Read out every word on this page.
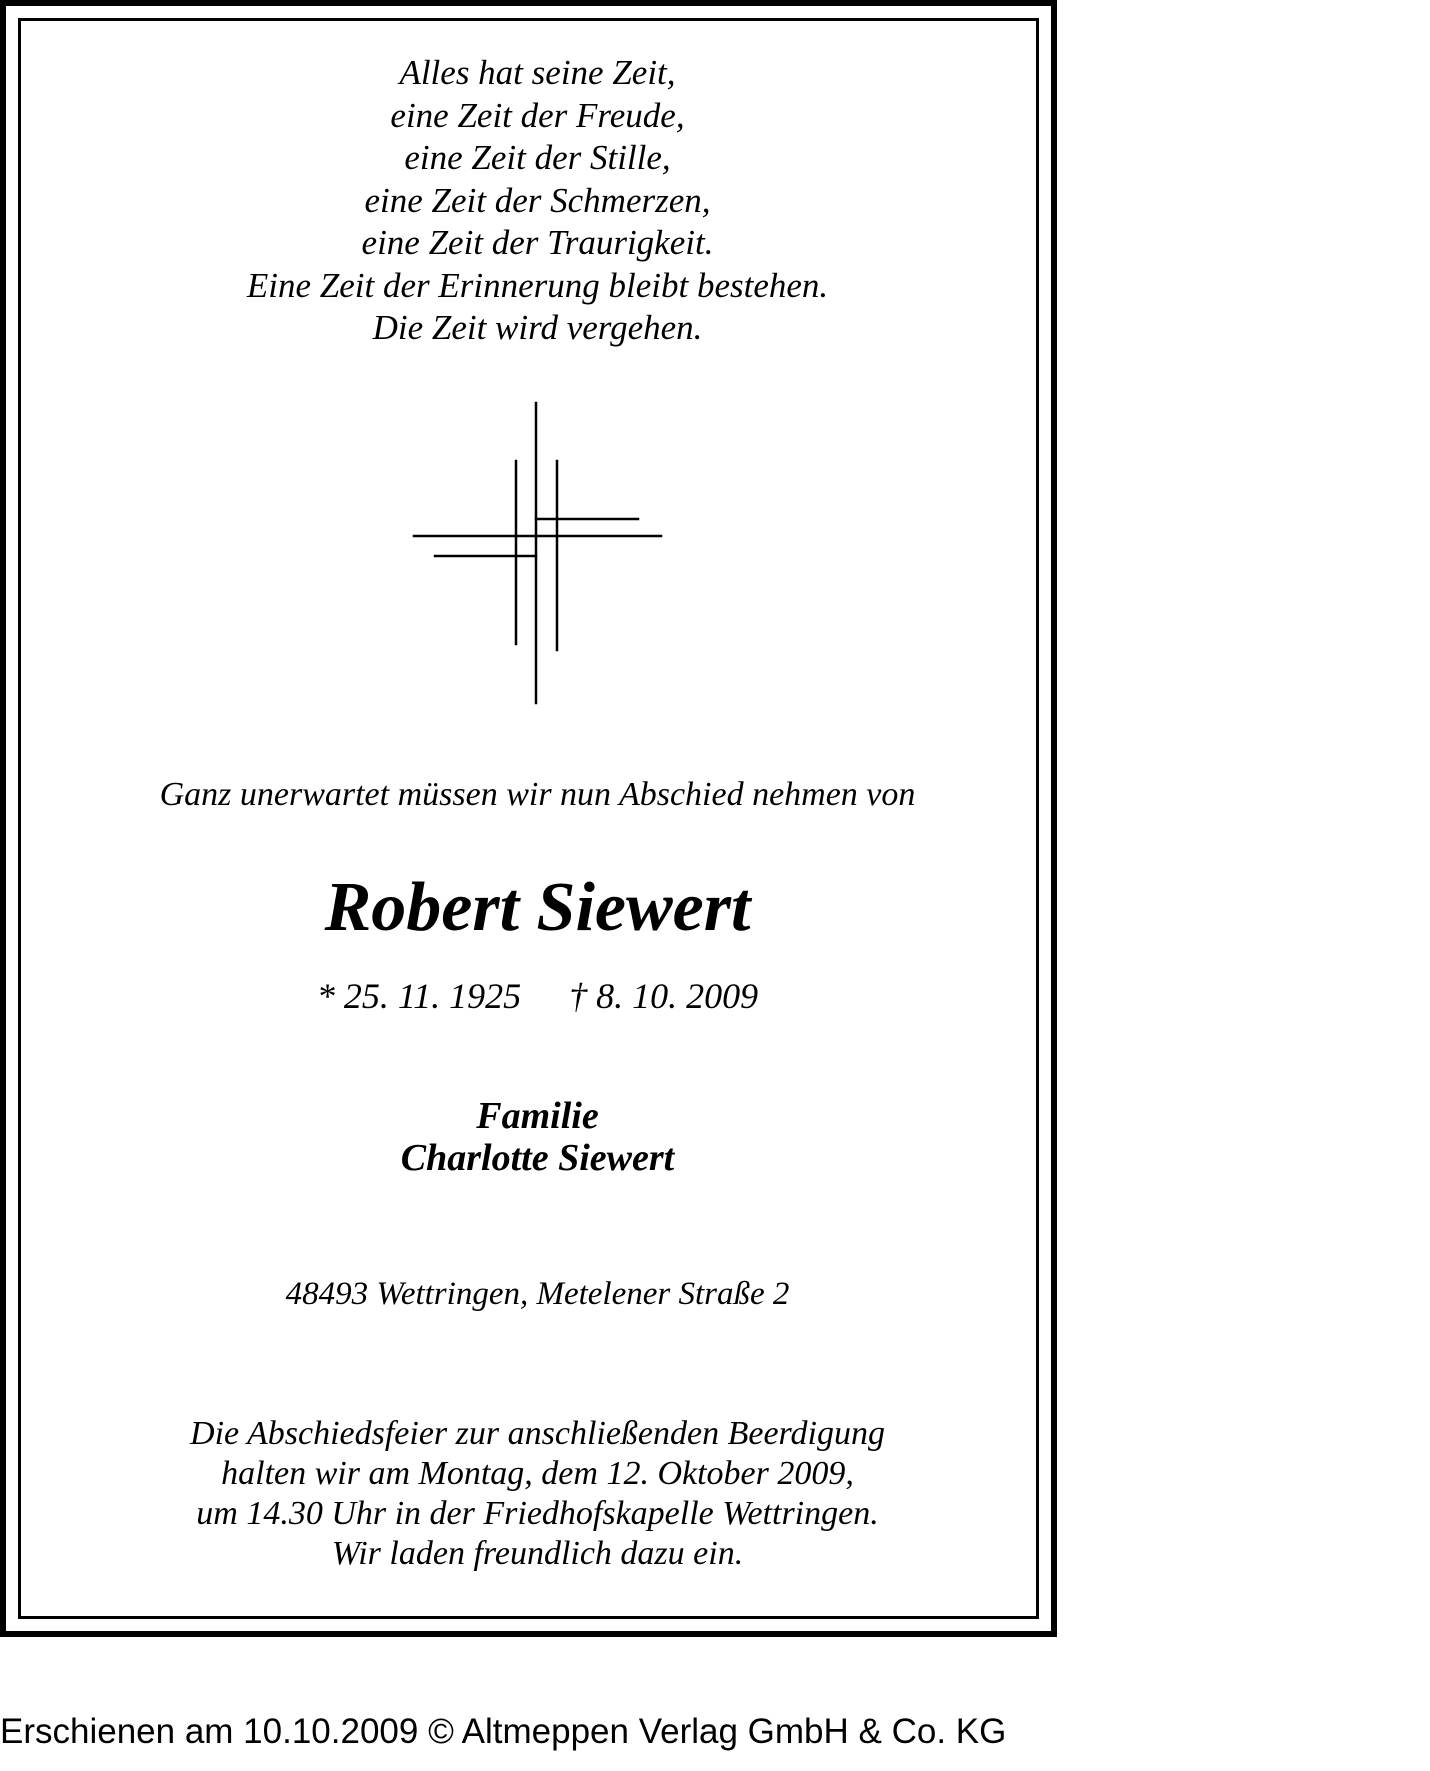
Alles hat seine Zeit,
eine Zeit der Freude,
eine Zeit der Stille,
eine Zeit der Schmerzen,
eine Zeit der Traurigkeit.
Eine Zeit der Erinnerung bleibt bestehen.
Die Zeit wird vergehen.
Ganz unerwartet müssen wir nun Abschied nehmen von
Robert Siewert
* 25. 11. 1925 † 8. 10. 2009
Familie
Charlotte Siewert
48493 Wettringen, Metelener Straße 2
Die Abschiedsfeier zur anschließenden Beerdigung
halten wir am Montag, dem 12. Oktober 2009,
um 14.30 Uhr in der Friedhofskapelle Wettringen.
Wir laden freundlich dazu ein.
Erschienen am 10.10.2009 © Altmeppen Verlag GmbH & Co. KG
